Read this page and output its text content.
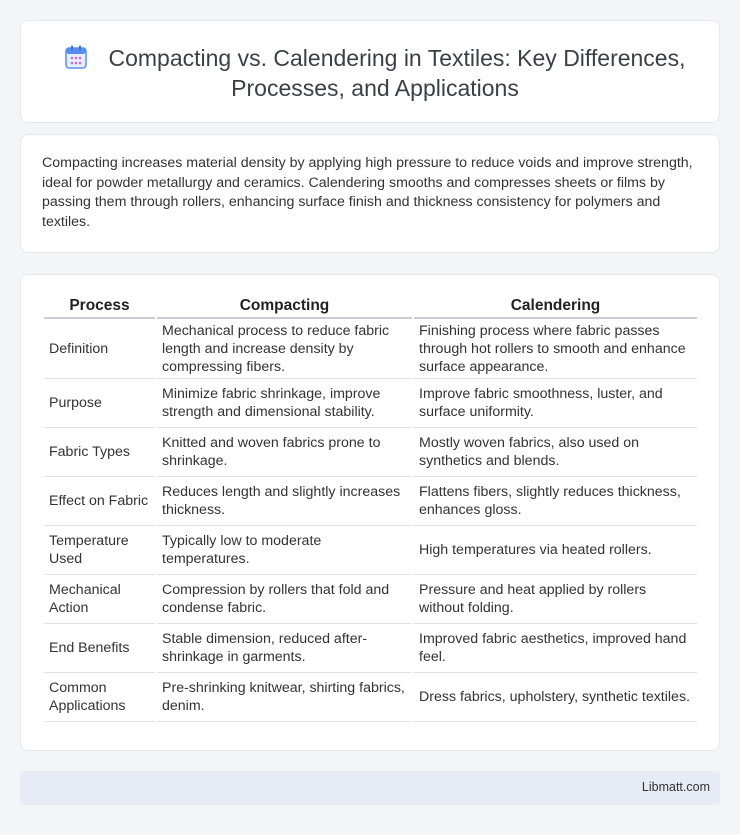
Compacting vs. Calendering in Textiles: Key Differences, Processes, and Applications

Compacting increases material density by applying high pressure to reduce voids and improve strength, ideal for powder metallurgy and ceramics. Calendering smooths and compresses sheets or films by passing them through rollers, enhancing surface finish and thickness consistency for polymers and textiles.

Process	Compacting	Calendering
Definition	Mechanical process to reduce fabric length and increase density by compressing fibers.	Finishing process where fabric passes through hot rollers to smooth and enhance surface appearance.
Purpose	Minimize fabric shrinkage, improve strength and dimensional stability.	Improve fabric smoothness, luster, and surface uniformity.
Fabric Types	Knitted and woven fabrics prone to shrinkage.	Mostly woven fabrics, also used on synthetics and blends.
Effect on Fabric	Reduces length and slightly increases thickness.	Flattens fibers, slightly reduces thickness, enhances gloss.
Temperature Used	Typically low to moderate temperatures.	High temperatures via heated rollers.
Mechanical Action	Compression by rollers that fold and condense fabric.	Pressure and heat applied by rollers without folding.
End Benefits	Stable dimension, reduced after-shrinkage in garments.	Improved fabric aesthetics, improved hand feel.
Common Applications	Pre-shrinking knitwear, shirting fabrics, denim.	Dress fabrics, upholstery, synthetic textiles.
Libmatt.com
